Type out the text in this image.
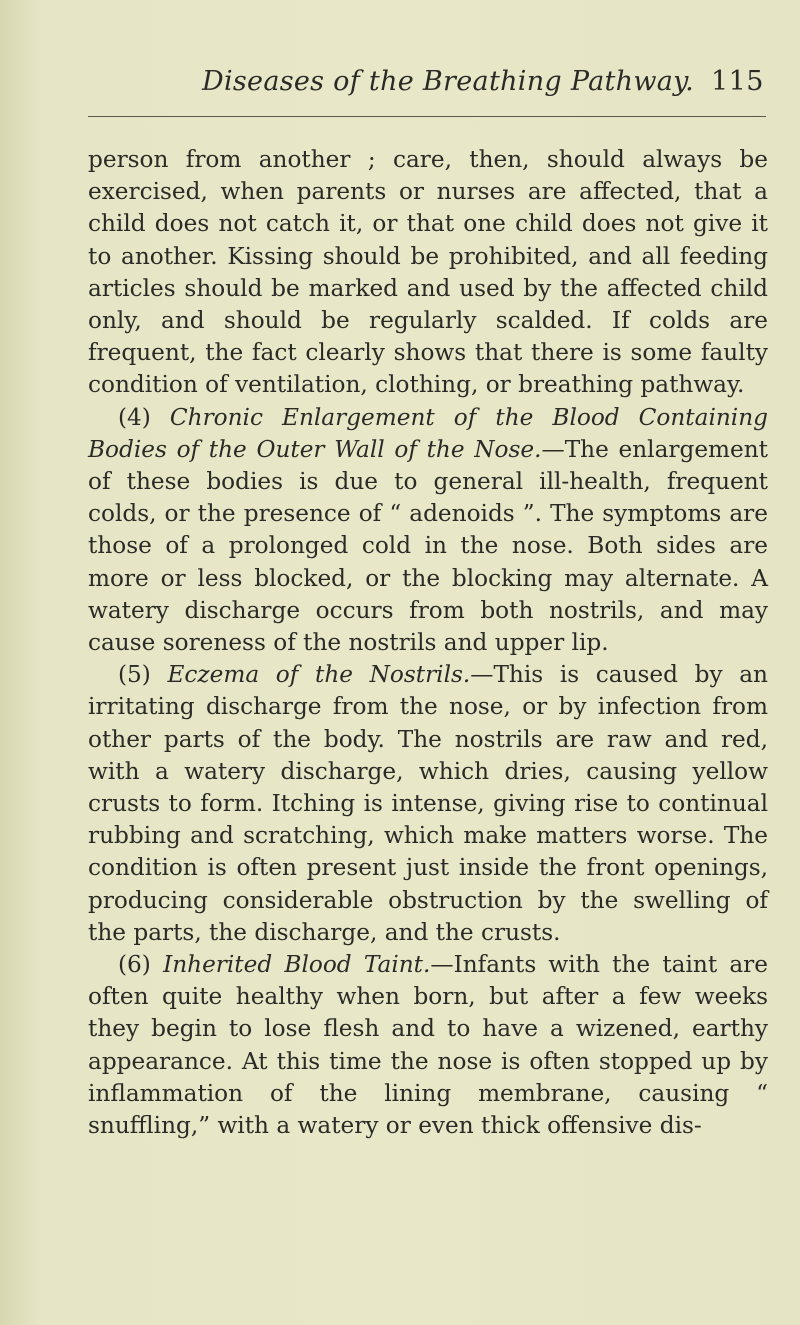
Diseases of the Breathing Pathway. 115

person from another ; care, then, should always be exercised, when parents or nurses are affected, that a child does not catch it, or that one child does not give it to another. Kissing should be prohibited, and all feeding articles should be marked and used by the affected child only, and should be regularly scalded. If colds are frequent, the fact clearly shows that there is some faulty condition of ventilation, clothing, or breathing pathway.

(4) Chronic Enlargement of the Blood Containing Bodies of the Outer Wall of the Nose.—The enlargement of these bodies is due to general ill-health, frequent colds, or the presence of “ adenoids ”. The symptoms are those of a prolonged cold in the nose. Both sides are more or less blocked, or the blocking may alternate. A watery discharge occurs from both nostrils, and may cause soreness of the nostrils and upper lip.

(5) Eczema of the Nostrils.—This is caused by an irritating discharge from the nose, or by infection from other parts of the body. The nostrils are raw and red, with a watery discharge, which dries, causing yellow crusts to form. Itching is intense, giving rise to continual rubbing and scratching, which make matters worse. The condition is often present just inside the front openings, producing considerable obstruction by the swelling of the parts, the discharge, and the crusts.

(6) Inherited Blood Taint.—Infants with the taint are often quite healthy when born, but after a few weeks they begin to lose flesh and to have a wizened, earthy appearance. At this time the nose is often stopped up by inflammation of the lining membrane, causing “ snuffling,” with a watery or even thick offensive dis-
